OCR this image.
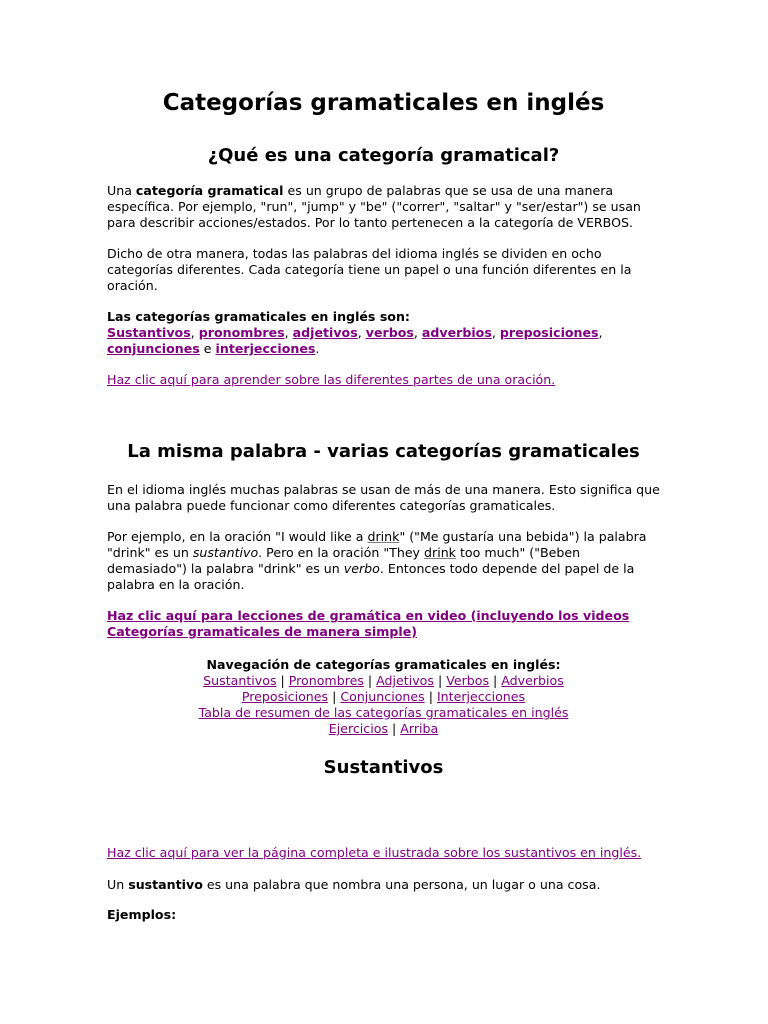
Categorías gramaticales en inglés
¿Qué es una categoría gramatical?

Una categoría gramatical es un grupo de palabras que se usa de una manera específica. Por ejemplo, "run", "jump" y "be" ("correr", "saltar" y "ser/estar") se usan para describir acciones/estados. Por lo tanto pertenecen a la categoría de VERBOS.

Dicho de otra manera, todas las palabras del idioma inglés se dividen en ocho categorías diferentes. Cada categoría tiene un papel o una función diferentes en la oración.

Las categorías gramaticales en inglés son:
Sustantivos, pronombres, adjetivos, verbos, adverbios, preposiciones, conjunciones e interjecciones.

Haz clic aquí para aprender sobre las diferentes partes de una oración.

La misma palabra - varias categorías gramaticales

En el idioma inglés muchas palabras se usan de más de una manera. Esto significa que una palabra puede funcionar como diferentes categorías gramaticales.

Por ejemplo, en la oración "I would like a drink" ("Me gustaría una bebida") la palabra "drink" es un sustantivo. Pero en la oración "They drink too much" ("Beben demasiado") la palabra "drink" es un verbo. Entonces todo depende del papel de la palabra en la oración.

Haz clic aquí para lecciones de gramática en video (incluyendo los videos Categorías gramaticales de manera simple)

Navegación de categorías gramaticales en inglés:
Sustantivos | Pronombres | Adjetivos | Verbos | Adverbios
Preposiciones | Conjunciones | Interjecciones
Tabla de resumen de las categorías gramaticales en inglés
Ejercicios | Arriba
Sustantivos

Haz clic aquí para ver la página completa e ilustrada sobre los sustantivos en inglés.

Un sustantivo es una palabra que nombra una persona, un lugar o una cosa.

Ejemplos:
